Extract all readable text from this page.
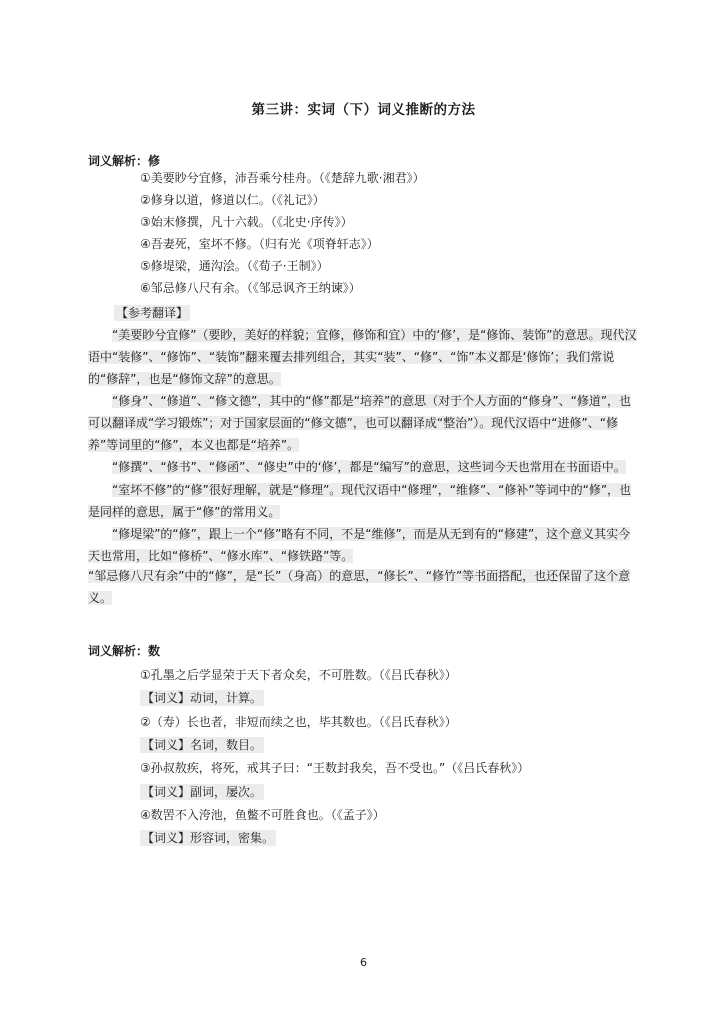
第三讲：实词（下）词义推断的方法
词义解析：修
①美要眇兮宜修，沛吾乘兮桂舟。（《楚辞九歌·湘君》）
②修身以道，修道以仁。（《礼记》）
③始末修撰，凡十六载。（《北史·序传》）
④吾妻死，室坏不修。（归有光《项脊轩志》）
⑤修堤梁，通沟浍。（《荀子·王制》）
⑥邹忌修八尺有余。（《邹忌讽齐王纳谏》）
【参考翻译】
“美要眇兮宜修”（要眇，美好的样貌；宜修，修饰和宜）中的‘修’，是“修饰、装饰”的意思。现代汉语中“装修”、“修饰”、“装饰”翻来覆去排列组合，其实“装”、“修”、“饰”本义都是‘修饰’；我们常说的“修辞”，也是“修饰文辞”的意思。
“修身”、“修道”、“修文德”，其中的“修”都是“培养”的意思（对于个人方面的“修身”、“修道”，也可以翻译成“学习锻炼”；对于国家层面的“修文德”，也可以翻译成“整治”）。现代汉语中“进修”、“修养”等词里的“修”，本义也都是“培养”。
“修撰”、“修书”、“修函”、“修史”中的‘修’，都是“编写”的意思，这些词今天也常用在书面语中。
“室坏不修”的“修”很好理解，就是“修理”。现代汉语中“修理”，“维修”、“修补”等词中的“修”，也是同样的意思，属于“修”的常用义。
“修堤梁”的“修”，跟上一个“修”略有不同，不是“维修”，而是从无到有的“修建”，这个意义其实今天也常用，比如“修桥”、“修水库”、“修铁路”等。
“邹忌修八尺有余”中的“修”，是“长”（身高）的意思，“修长”、“修竹”等书面搭配，也还保留了这个意义。
词义解析：数
①孔墨之后学显荣于天下者众矣，不可胜数。（《吕氏春秋》）
【词义】动词，计算。
②（寿）长也者，非短而续之也，毕其数也。（《吕氏春秋》）
【词义】名词，数目。
③孙叔敖疾，将死，戒其子曰：“王数封我矣，吾不受也。”（《吕氏春秋》）
【词义】副词，屡次。
④数罟不入洿池，鱼鳖不可胜食也。（《孟子》）
【词义】形容词，密集。
6
